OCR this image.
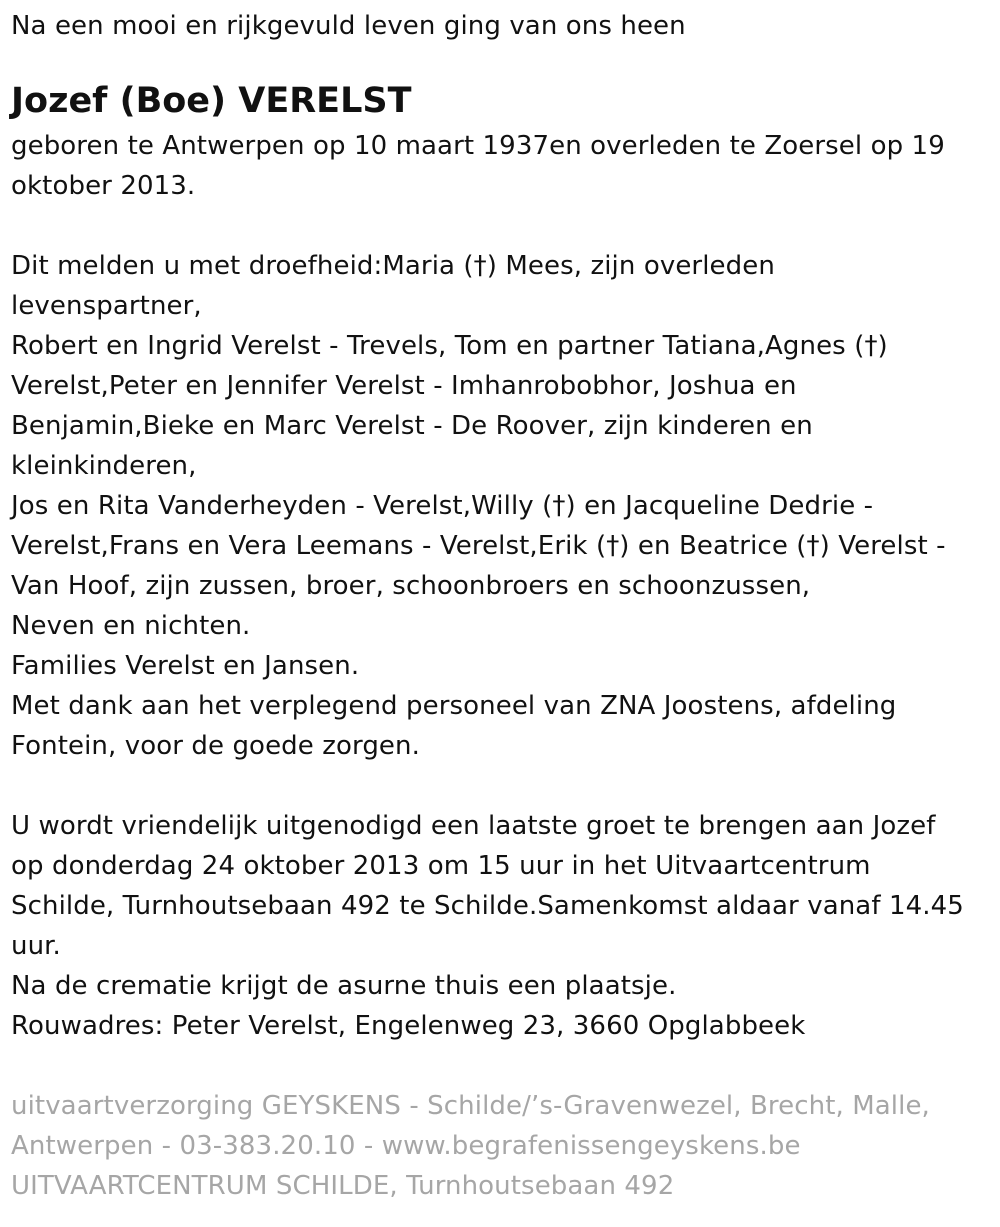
Na een mooi en rijkgevuld leven ging van ons heen
Jozef (Boe) VERELST
geboren te Antwerpen op 10 maart 1937en overleden te Zoersel op 19
oktober 2013.
Dit melden u met droefheid:Maria (†) Mees, zijn overleden
levenspartner,
Robert en Ingrid Verelst - Trevels, Tom en partner Tatiana,Agnes (†)
Verelst,Peter en Jennifer Verelst - Imhanrobobhor, Joshua en
Benjamin,Bieke en Marc Verelst - De Roover, zijn kinderen en
kleinkinderen,
Jos en Rita Vanderheyden - Verelst,Willy (†) en Jacqueline Dedrie -
Verelst,Frans en Vera Leemans - Verelst,Erik (†) en Beatrice (†) Verelst -
Van Hoof, zijn zussen, broer, schoonbroers en schoonzussen,
Neven en nichten.
Families Verelst en Jansen.
Met dank aan het verplegend personeel van ZNA Joostens, afdeling
Fontein, voor de goede zorgen.
U wordt vriendelijk uitgenodigd een laatste groet te brengen aan Jozef
op donderdag 24 oktober 2013 om 15 uur in het Uitvaartcentrum
Schilde, Turnhoutsebaan 492 te Schilde.Samenkomst aldaar vanaf 14.45
uur.
Na de crematie krijgt de asurne thuis een plaatsje.
Rouwadres: Peter Verelst, Engelenweg 23, 3660 Opglabbeek
uitvaartverzorging GEYSKENS - Schilde/’s-Gravenwezel, Brecht, Malle,
Antwerpen - 03-383.20.10 - www.begrafenissengeyskens.be
UITVAARTCENTRUM SCHILDE, Turnhoutsebaan 492
